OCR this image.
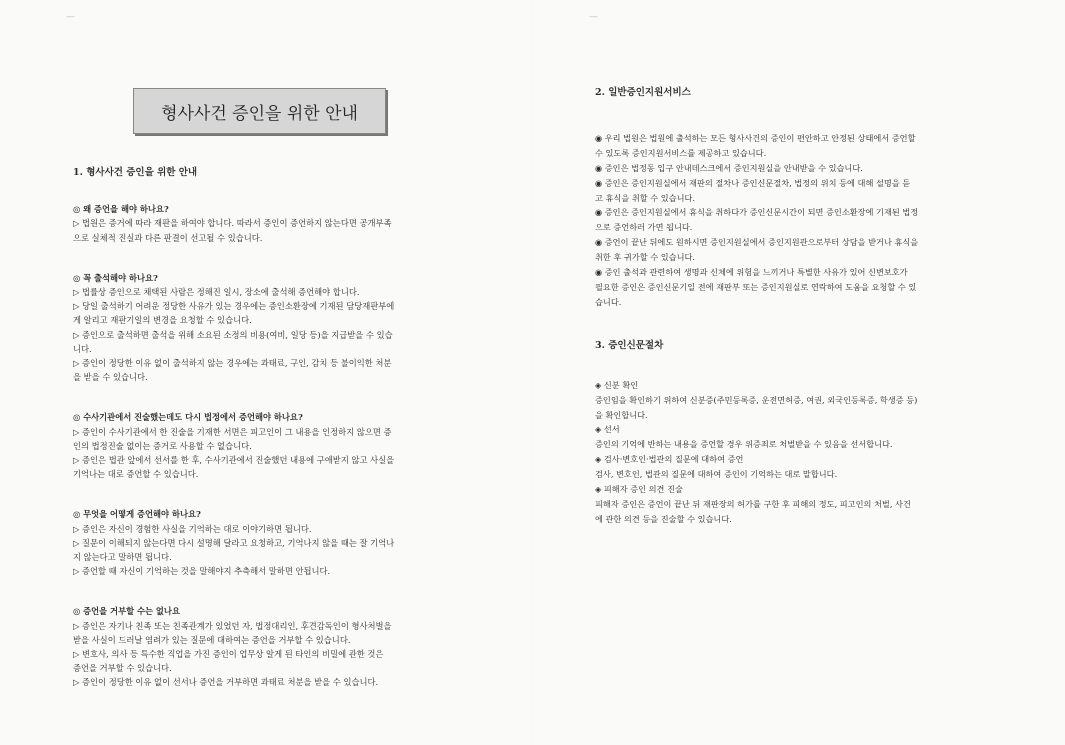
—
형사사건 증인을 위한 안내

1. 형사사건 증인을 위한 안내

◎ 왜 증언을 해야 하나요?

▷ 법원은 증거에 따라 재판을 하여야 합니다. 따라서 증인이 증언하지 않는다면 공개부족

으로 실체적 진실과 다른 판결이 선고될 수 있습니다.

◎ 꼭 출석해야 하나요?

▷ 법률상 증인으로 채택된 사람은 정해진 일시, 장소에 출석해 증언해야 합니다.

▷ 당일 출석하기 어려운 정당한 사유가 있는 경우에는 증인소환장에 기재된 담당재판부에

게 알리고 재판기일의 변경을 요청할 수 있습니다.

▷ 증인으로 출석하면 출석을 위해 소요된 소정의 비용(여비, 일당 등)을 지급받을 수 있습

니다.

▷ 증인이 정당한 이유 없이 출석하지 않는 경우에는 과태료, 구인, 감치 등 불이익한 처분

을 받을 수 있습니다.

◎ 수사기관에서 진술했는데도 다시 법정에서 증언해야 하나요?

▷ 증인이 수사기관에서 한 진술을 기재한 서면은 피고인이 그 내용을 인정하지 않으면 증

인의 법정진술 없이는 증거로 사용할 수 없습니다.

▷ 증인은 법관 앞에서 선서를 한 후, 수사기관에서 진술했던 내용에 구애받지 않고 사실을

기억나는 대로 증언할 수 있습니다.

◎ 무엇을 어떻게 증언해야 하나요?

▷ 증인은 자신이 경험한 사실을 기억하는 대로 이야기하면 됩니다.

▷ 질문이 이해되지 않는다면 다시 설명해 달라고 요청하고, 기억나지 않을 때는 잘 기억나

지 않는다고 말하면 됩니다.

▷ 증언할 때 자신이 기억하는 것을 말해야지 추측해서 말하면 안됩니다.

◎ 증언을 거부할 수는 없나요

▷ 증인은 자기나 친족 또는 친족관계가 있었던 자, 법정대리인, 후견감독인이 형사처벌을

받을 사실이 드러날 염려가 있는 질문에 대하여는 증언을 거부할 수 있습니다.

▷ 변호사, 의사 등 특수한 직업을 가진 증인이 업무상 알게 된 타인의 비밀에 관한 것은

증언을 거부할 수 있습니다.

▷ 증인이 정당한 이유 없이 선서나 증언을 거부하면 과태료 처분을 받을 수 있습니다.

—

2. 일반증인지원서비스

◉ 우리 법원은 법원에 출석하는 모든 형사사건의 증인이 편안하고 안정된 상태에서 증언할

수 있도록 증인지원서비스를 제공하고 있습니다.

◉ 증인은 법정동 입구 안내데스크에서 증인지원실을 안내받을 수 있습니다.

◉ 증인은 증인지원실에서 재판의 절차나 증인신문절차, 법정의 위치 등에 대해 설명을 듣

고 휴식을 취할 수 있습니다.

◉ 증인은 증인지원실에서 휴식을 취하다가 증인신문시간이 되면 증인소환장에 기재된 법정

으로 증언하러 가면 됩니다.

◉ 증언이 끝난 뒤에도 원하시면 증인지원실에서 증인지원관으로부터 상담을 받거나 휴식을

취한 후 귀가할 수 있습니다.

◉ 증인 출석과 관련하여 생명과 신체에 위험을 느끼거나 특별한 사유가 있어 신변보호가

필요한 증인은 증인신문기일 전에 재판부 또는 증인지원실로 연락하여 도움을 요청할 수 있

습니다.

3. 증인신문절차

◈ 신분 확인

증인임을 확인하기 위하여 신분증(주민등록증, 운전면허증, 여권, 외국인등록증, 학생증 등)

을 확인합니다.

◈ 선서

증인의 기억에 반하는 내용을 증언할 경우 위증죄로 처벌받을 수 있음을 선서합니다.

◈ 검사·변호인·법관의 질문에 대하여 증언

검사, 변호인, 법관의 질문에 대하여 증인이 기억하는 대로 말합니다.

◈ 피해자 증인 의견 진술

피해자 증인은 증언이 끝난 뒤 재판장의 허가를 구한 후 피해의 정도, 피고인의 처벌, 사건

에 관한 의견 등을 진술할 수 있습니다.
